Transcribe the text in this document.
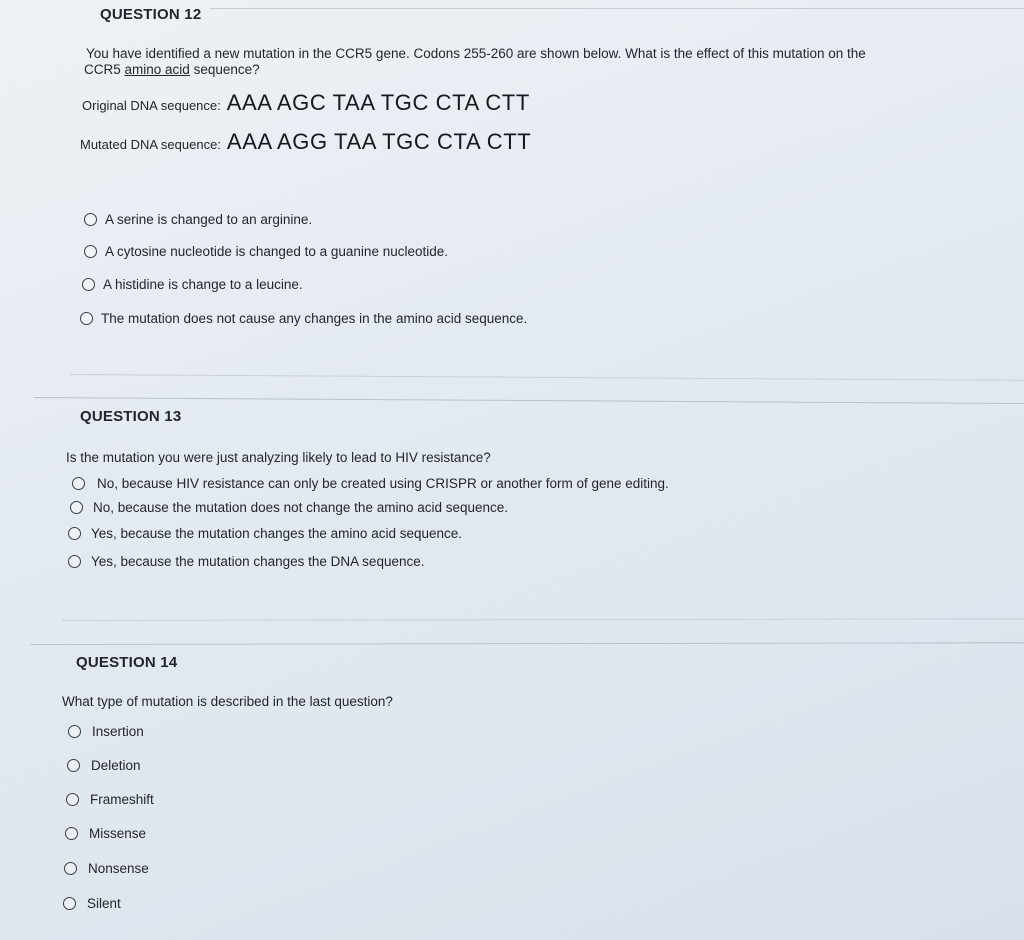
QUESTION 12
You have identified a new mutation in the CCR5 gene. Codons 255-260 are shown below. What is the effect of this mutation on the
CCR5 amino acid sequence?
Original DNA sequence: AAA AGC TAA TGC CTA CTT
Mutated DNA sequence: AAA AGG TAA TGC CTA CTT
A serine is changed to an arginine.
A cytosine nucleotide is changed to a guanine nucleotide.
A histidine is change to a leucine.
The mutation does not cause any changes in the amino acid sequence.
QUESTION 13
Is the mutation you were just analyzing likely to lead to HIV resistance?
No, because HIV resistance can only be created using CRISPR or another form of gene editing.
No, because the mutation does not change the amino acid sequence.
Yes, because the mutation changes the amino acid sequence.
Yes, because the mutation changes the DNA sequence.
QUESTION 14
What type of mutation is described in the last question?
Insertion
Deletion
Frameshift
Missense
Nonsense
Silent
